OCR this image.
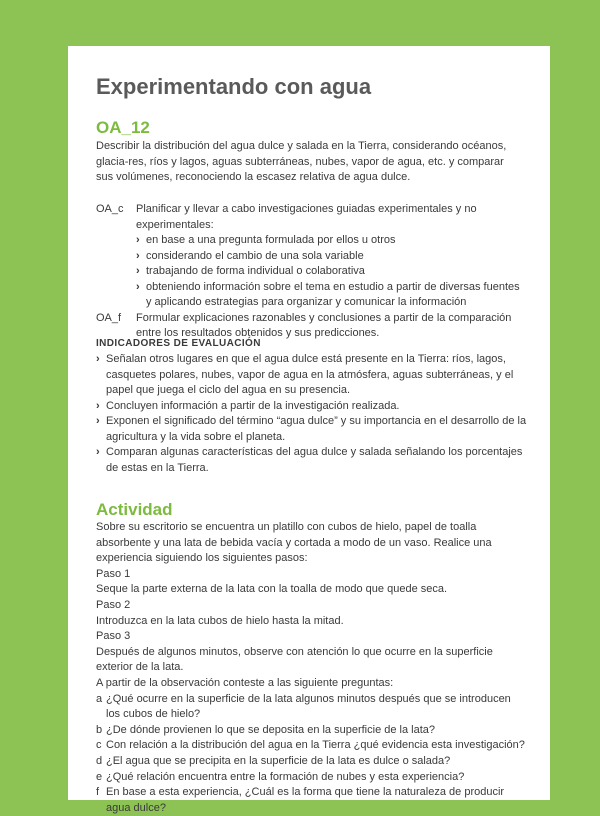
Experimentando con agua
OA_12
Describir la distribución del agua dulce y salada en la Tierra, considerando océanos, glacia-res, ríos y lagos, aguas subterráneas, nubes, vapor de agua, etc. y comparar sus volúmenes, reconociendo la escasez relativa de agua dulce.
OA_c Planificar y llevar a cabo investigaciones guiadas experimentales y no experimentales:
› en base a una pregunta formulada por ellos u otros
› considerando el cambio de una sola variable
› trabajando de forma individual o colaborativa
› obteniendo información sobre el tema en estudio a partir de diversas fuentes y aplicando estrategias para organizar y comunicar la información
OA_f Formular explicaciones razonables y conclusiones a partir de la comparación entre los resultados obtenidos y sus predicciones.
INDICADORES DE EVALUACIÓN
› Señalan otros lugares en que el agua dulce está presente en la Tierra: ríos, lagos, casquetes polares, nubes, vapor de agua en la atmósfera, aguas subterráneas, y el papel que juega el ciclo del agua en su presencia.
› Concluyen información a partir de la investigación realizada.
› Exponen el significado del término “agua dulce” y su importancia en el desarrollo de la agricultura y la vida sobre el planeta.
› Comparan algunas características del agua dulce y salada señalando los porcentajes de estas en la Tierra.
Actividad

Sobre su escritorio se encuentra un platillo con cubos de hielo, papel de toalla absorbente y una lata de bebida vacía y cortada a modo de un vaso. Realice una experiencia siguiendo los siguientes pasos:

Paso 1

Seque la parte externa de la lata con la toalla de modo que quede seca.

Paso 2

Introduzca en la lata cubos de hielo hasta la mitad.

Paso 3

Después de algunos minutos, observe con atención lo que ocurre en la superficie exterior de la lata.

A partir de la observación conteste a las siguiente preguntas:

a ¿Qué ocurre en la superficie de la lata algunos minutos después que se introducen los cubos de hielo?
b ¿De dónde provienen lo que se deposita en la superficie de la lata?
c Con relación a la distribución del agua en la Tierra ¿qué evidencia esta investigación?
d ¿El agua que se precipita en la superficie de la lata es dulce o salada?
e ¿Qué relación encuentra entre la formación de nubes y esta experiencia?
f En base a esta experiencia, ¿Cuál es la forma que tiene la naturaleza de producir agua dulce?
